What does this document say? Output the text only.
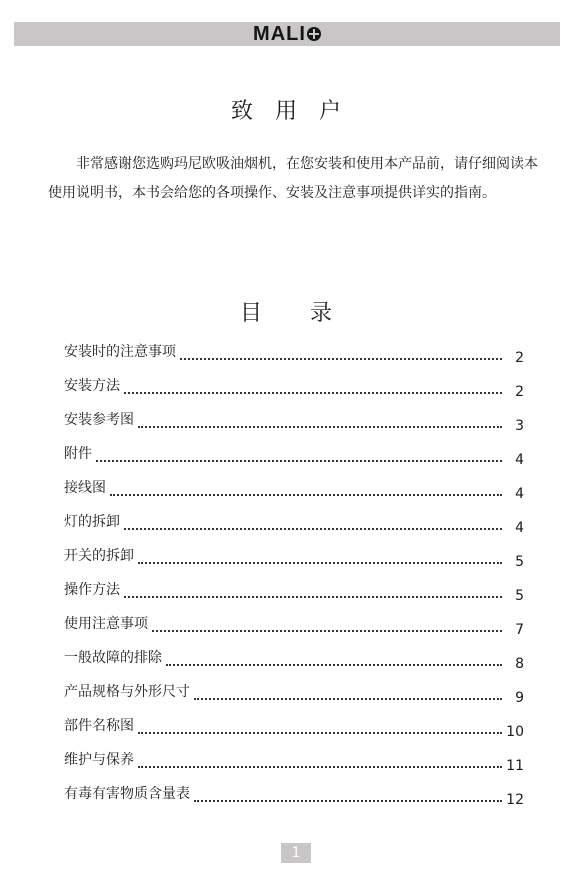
MALI
致用户

非常感谢您选购玛尼欧吸油烟机，在您安装和使用本产品前，请仔细阅读本使用说明书，本书会给您的各项操作、安装及注意事项提供详实的指南。

目录
安装时的注意事项	2
安装方法	2
安装参考图	3
附件	4
接线图	4
灯的拆卸	4
开关的拆卸	5
操作方法	5
使用注意事项	7
一般故障的排除	8
产品规格与外形尺寸	9
部件名称图	10
维护与保养	11
有毒有害物质含量表	12
1
